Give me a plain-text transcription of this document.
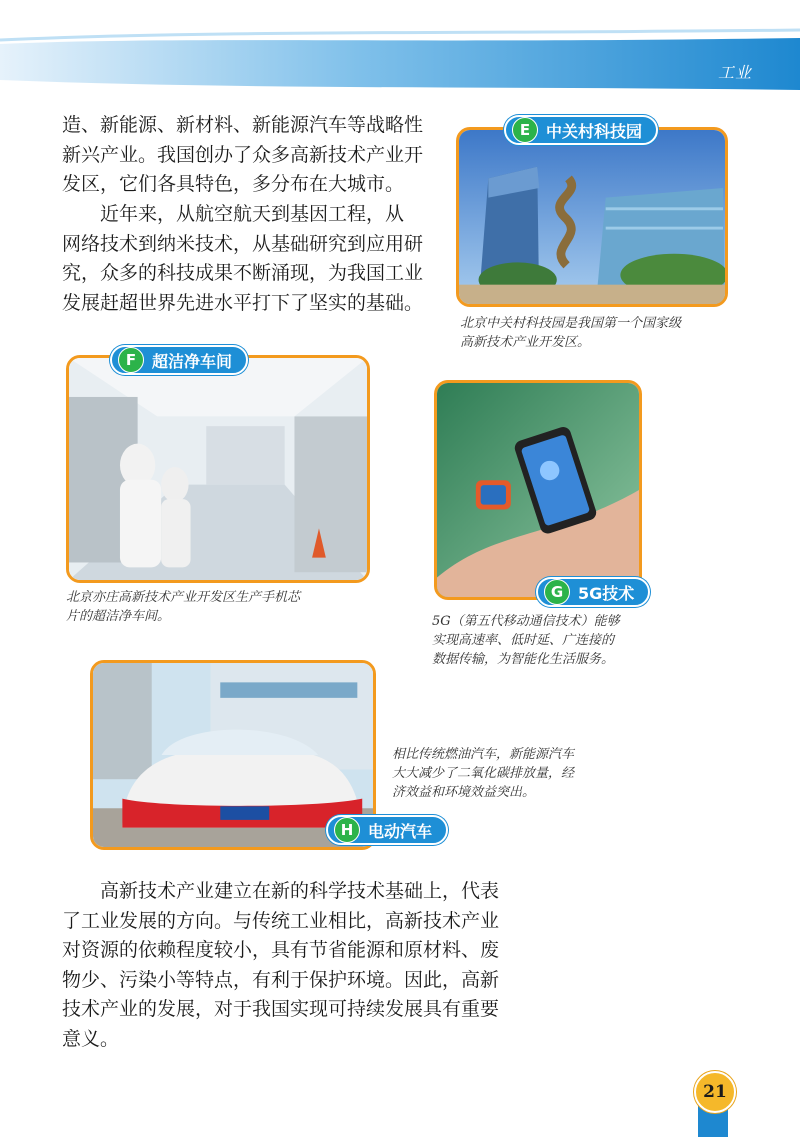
工业

造、新能源、新材料、新能源汽车等战略性

新兴产业。我国创办了众多高新技术产业开

发区，它们各具特色，多分布在大城市。

近年来，从航空航天到基因工程，从

网络技术到纳米技术，从基础研究到应用研

究，众多的科技成果不断涌现，为我国工业

发展赶超世界先进水平打下了坚实的基础。

E 中关村科技园
北京中关村科技园是我国第一个国家级
高新技术产业开发区。
F 超洁净车间
北京亦庄高新技术产业开发区生产手机芯
片的超洁净车间。
G 5G技术
5G（第五代移动通信技术）能够
实现高速率、低时延、广连接的
数据传输，为智能化生活服务。
H 电动汽车
相比传统燃油汽车，新能源汽车
大大减少了二氧化碳排放量，经
济效益和环境效益突出。

高新技术产业建立在新的科学技术基础上，代表

了工业发展的方向。与传统工业相比，高新技术产业

对资源的依赖程度较小，具有节省能源和原材料、废

物少、污染小等特点，有利于保护环境。因此，高新

技术产业的发展，对于我国实现可持续发展具有重要

意义。

21
